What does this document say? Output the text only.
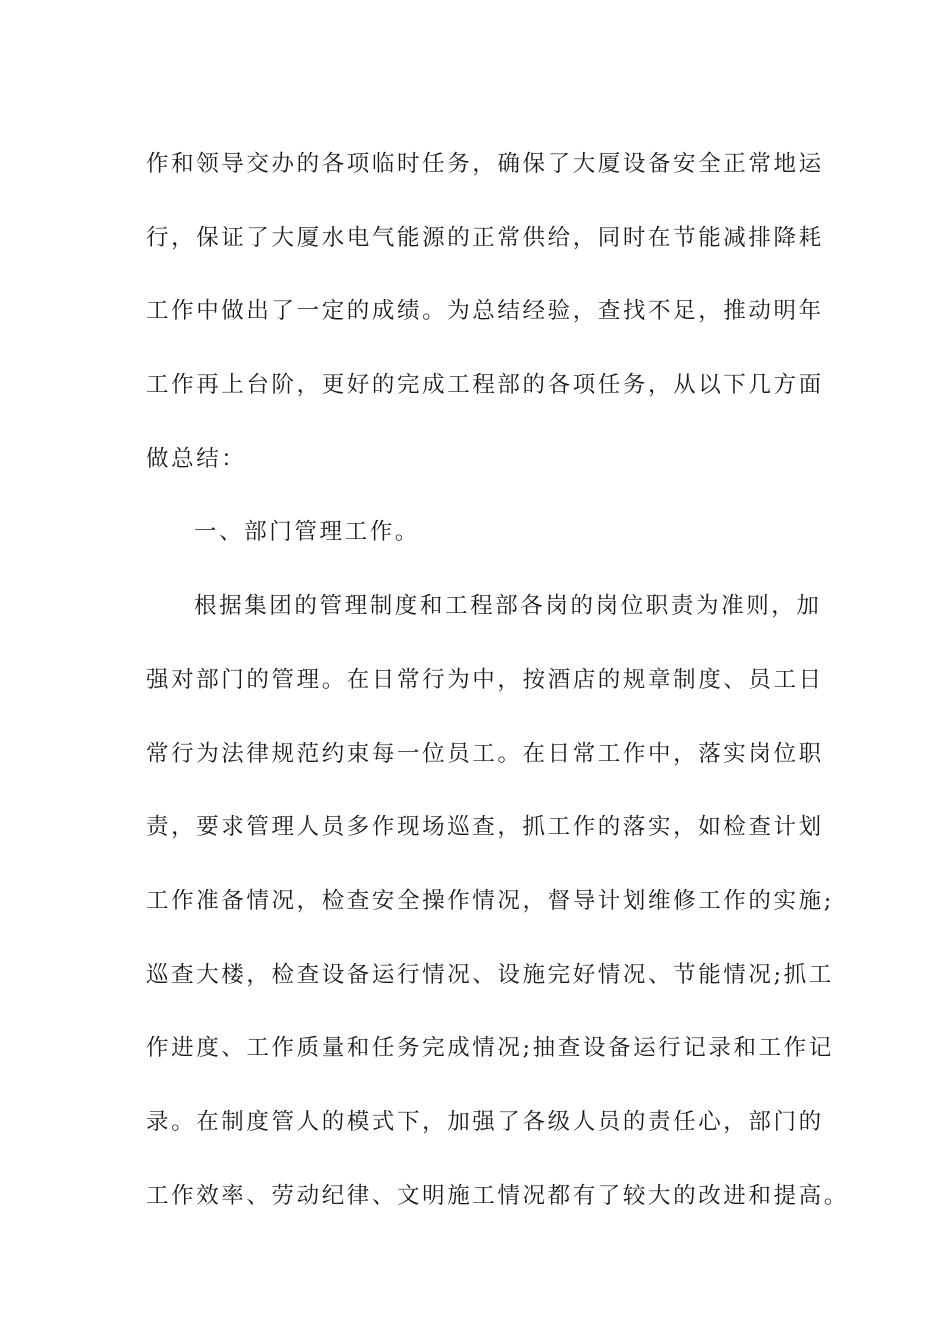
作和领导交办的各项临时任务，确保了大厦设备安全正常地运
行，保证了大厦水电气能源的正常供给，同时在节能减排降耗
工作中做出了一定的成绩。为总结经验，查找不足，推动明年
工作再上台阶，更好的完成工程部的各项任务，从以下几方面
做总结：
一、部门管理工作。
根据集团的管理制度和工程部各岗的岗位职责为准则，加
强对部门的管理。在日常行为中，按酒店的规章制度、员工日
常行为法律规范约束每一位员工。在日常工作中，落实岗位职
责，要求管理人员多作现场巡查，抓工作的落实，如检查计划
工作准备情况，检查安全操作情况，督导计划维修工作的实施;
巡查大楼，检查设备运行情况、设施完好情况、节能情况;抓工
作进度、工作质量和任务完成情况;抽查设备运行记录和工作记
录。在制度管人的模式下，加强了各级人员的责任心，部门的
工作效率、劳动纪律、文明施工情况都有了较大的改进和提高。
